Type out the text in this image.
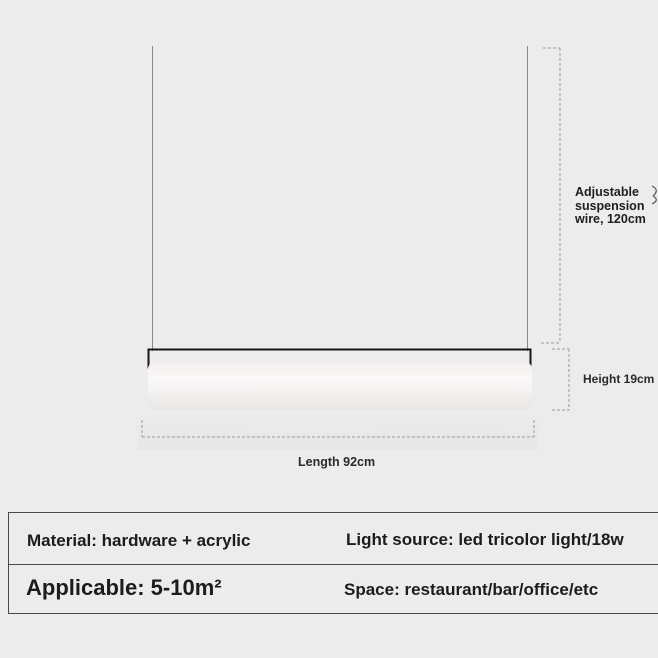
Adjustable
suspension
wire, 120cm
Height 19cm
Length 92cm
Material: hardware + acrylic	Light source: led tricolor light/18w
Applicable: 5-10m²	Space: restaurant/bar/office/etc
